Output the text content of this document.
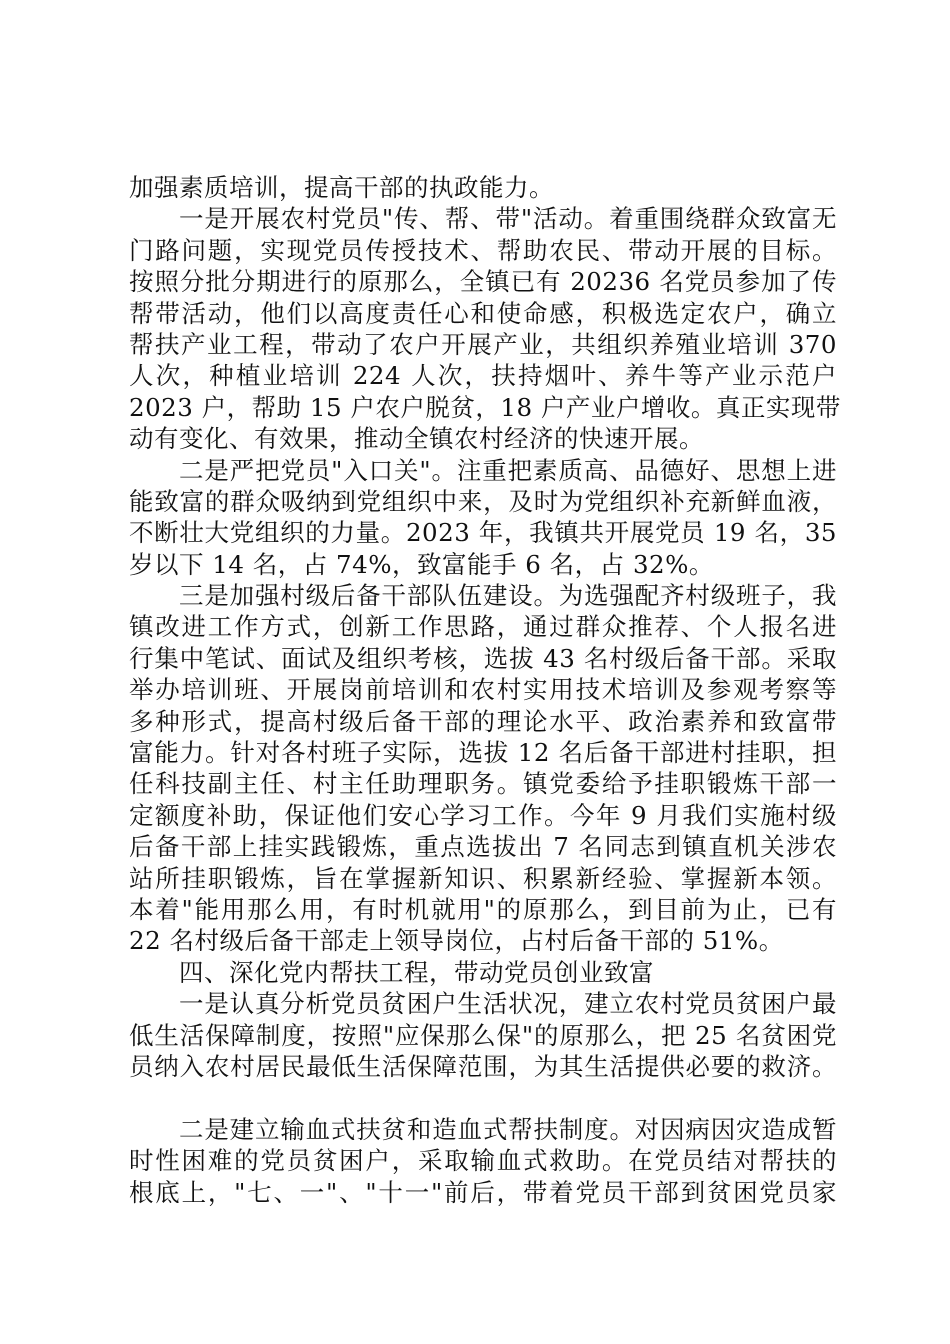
加强素质培训，提高干部的执政能力。
一是开展农村党员"传、帮、带"活动。着重围绕群众致富无
门路问题，实现党员传授技术、帮助农民、带动开展的目标。
按照分批分期进行的原那么，全镇已有 20236 名党员参加了传
帮带活动，他们以高度责任心和使命感，积极选定农户，确立
帮扶产业工程，带动了农户开展产业，共组织养殖业培训 370
人次，种植业培训 224 人次，扶持烟叶、养牛等产业示范户
2023 户，帮助 15 户农户脱贫，18 户产业户增收。真正实现带
动有变化、有效果，推动全镇农村经济的快速开展。
二是严把党员"入口关"。注重把素质高、品德好、思想上进
能致富的群众吸纳到党组织中来，及时为党组织补充新鲜血液，
不断壮大党组织的力量。2023 年，我镇共开展党员 19 名，35
岁以下 14 名，占 74%，致富能手 6 名，占 32%。
三是加强村级后备干部队伍建设。为选强配齐村级班子，我
镇改进工作方式，创新工作思路，通过群众推荐、个人报名进
行集中笔试、面试及组织考核，选拔 43 名村级后备干部。采取
举办培训班、开展岗前培训和农村实用技术培训及参观考察等
多种形式，提高村级后备干部的理论水平、政治素养和致富带
富能力。针对各村班子实际，选拔 12 名后备干部进村挂职，担
任科技副主任、村主任助理职务。镇党委给予挂职锻炼干部一
定额度补助，保证他们安心学习工作。今年 9 月我们实施村级
后备干部上挂实践锻炼，重点选拔出 7 名同志到镇直机关涉农
站所挂职锻炼，旨在掌握新知识、积累新经验、掌握新本领。
本着"能用那么用，有时机就用"的原那么，到目前为止，已有
22 名村级后备干部走上领导岗位，占村后备干部的 51%。
四、深化党内帮扶工程，带动党员创业致富
一是认真分析党员贫困户生活状况，建立农村党员贫困户最
低生活保障制度，按照"应保那么保"的原那么，把 25 名贫困党
员纳入农村居民最低生活保障范围，为其生活提供必要的救济。
二是建立输血式扶贫和造血式帮扶制度。对因病因灾造成暂
时性困难的党员贫困户，采取输血式救助。在党员结对帮扶的
根底上，"七、一"、"十一"前后，带着党员干部到贫困党员家
